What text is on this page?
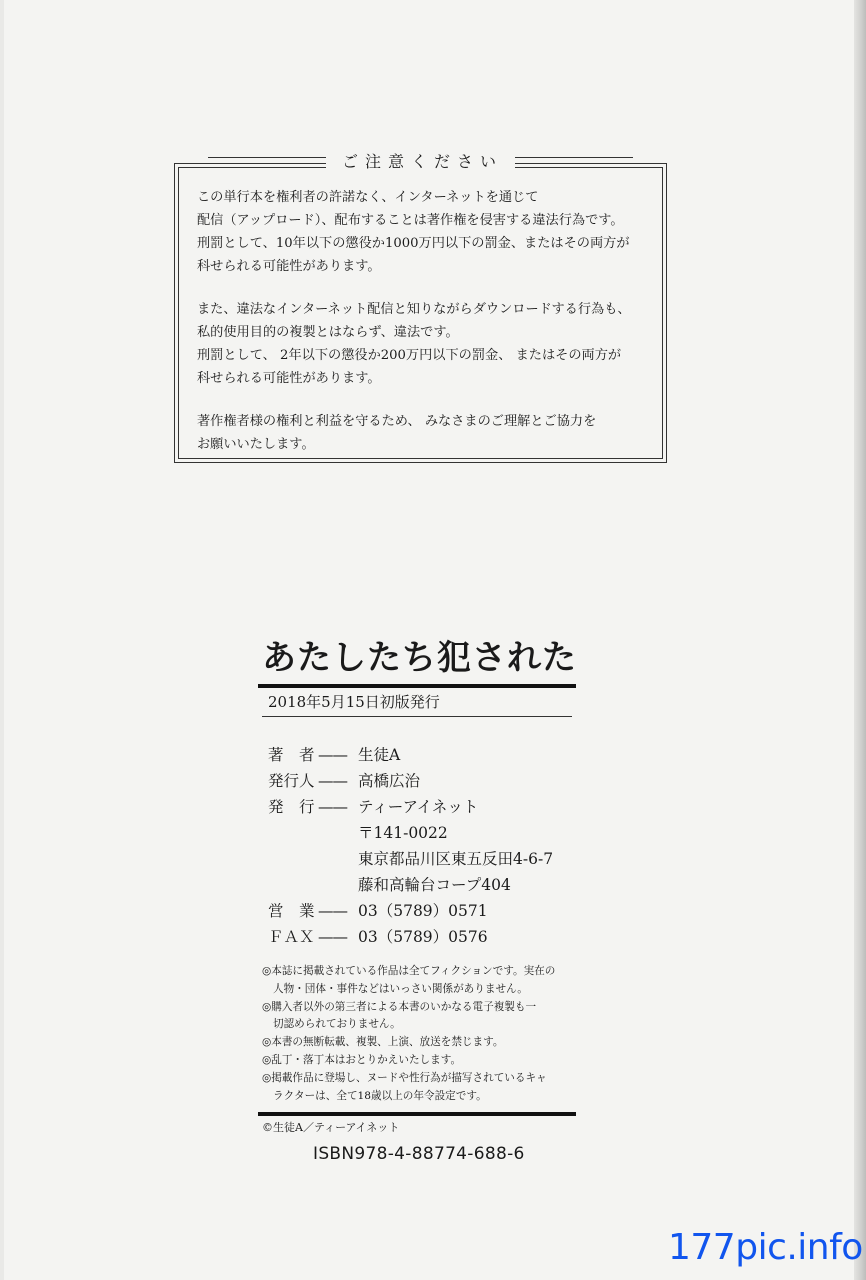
ご注意ください

この単行本を権利者の許諾なく、インターネットを通じて
配信（アップロード）、配布することは著作権を侵害する違法行為です。
刑罰として、10年以下の懲役か1000万円以下の罰金、またはその両方が
科せられる可能性があります。

また、違法なインターネット配信と知りながらダウンロードする行為も、
私的使用目的の複製とはならず、違法です。
刑罰として、 2年以下の懲役か200万円以下の罰金、 またはその両方が
科せられる可能性があります。

著作権者様の権利と利益を守るため、 みなさまのご理解とご協力を
お願いいたします。

あたしたち犯された
2018年5月15日初版発行
著　者 —— 生徒A
発行人 —— 高橋広治
発　行 —— ティーアイネット
〒141-0022
東京都品川区東五反田4-6-7
藤和高輪台コープ404
営　業 —— 03（5789）0571
ＦＡＸ —— 03（5789）0576
◎本誌に掲載されている作品は全てフィクションです。実在の
人物・団体・事件などはいっさい関係がありません。
◎購入者以外の第三者による本書のいかなる電子複製も一
切認められておりません。
◎本書の無断転載、複製、上演、放送を禁じます。
◎乱丁・落丁本はおとりかえいたします。
◎掲載作品に登場し、ヌードや性行為が描写されているキャ
ラクターは、全て18歳以上の年令設定です。
©生徒A／ティーアイネット
ISBN978-4-88774-688-6
177pic.info
